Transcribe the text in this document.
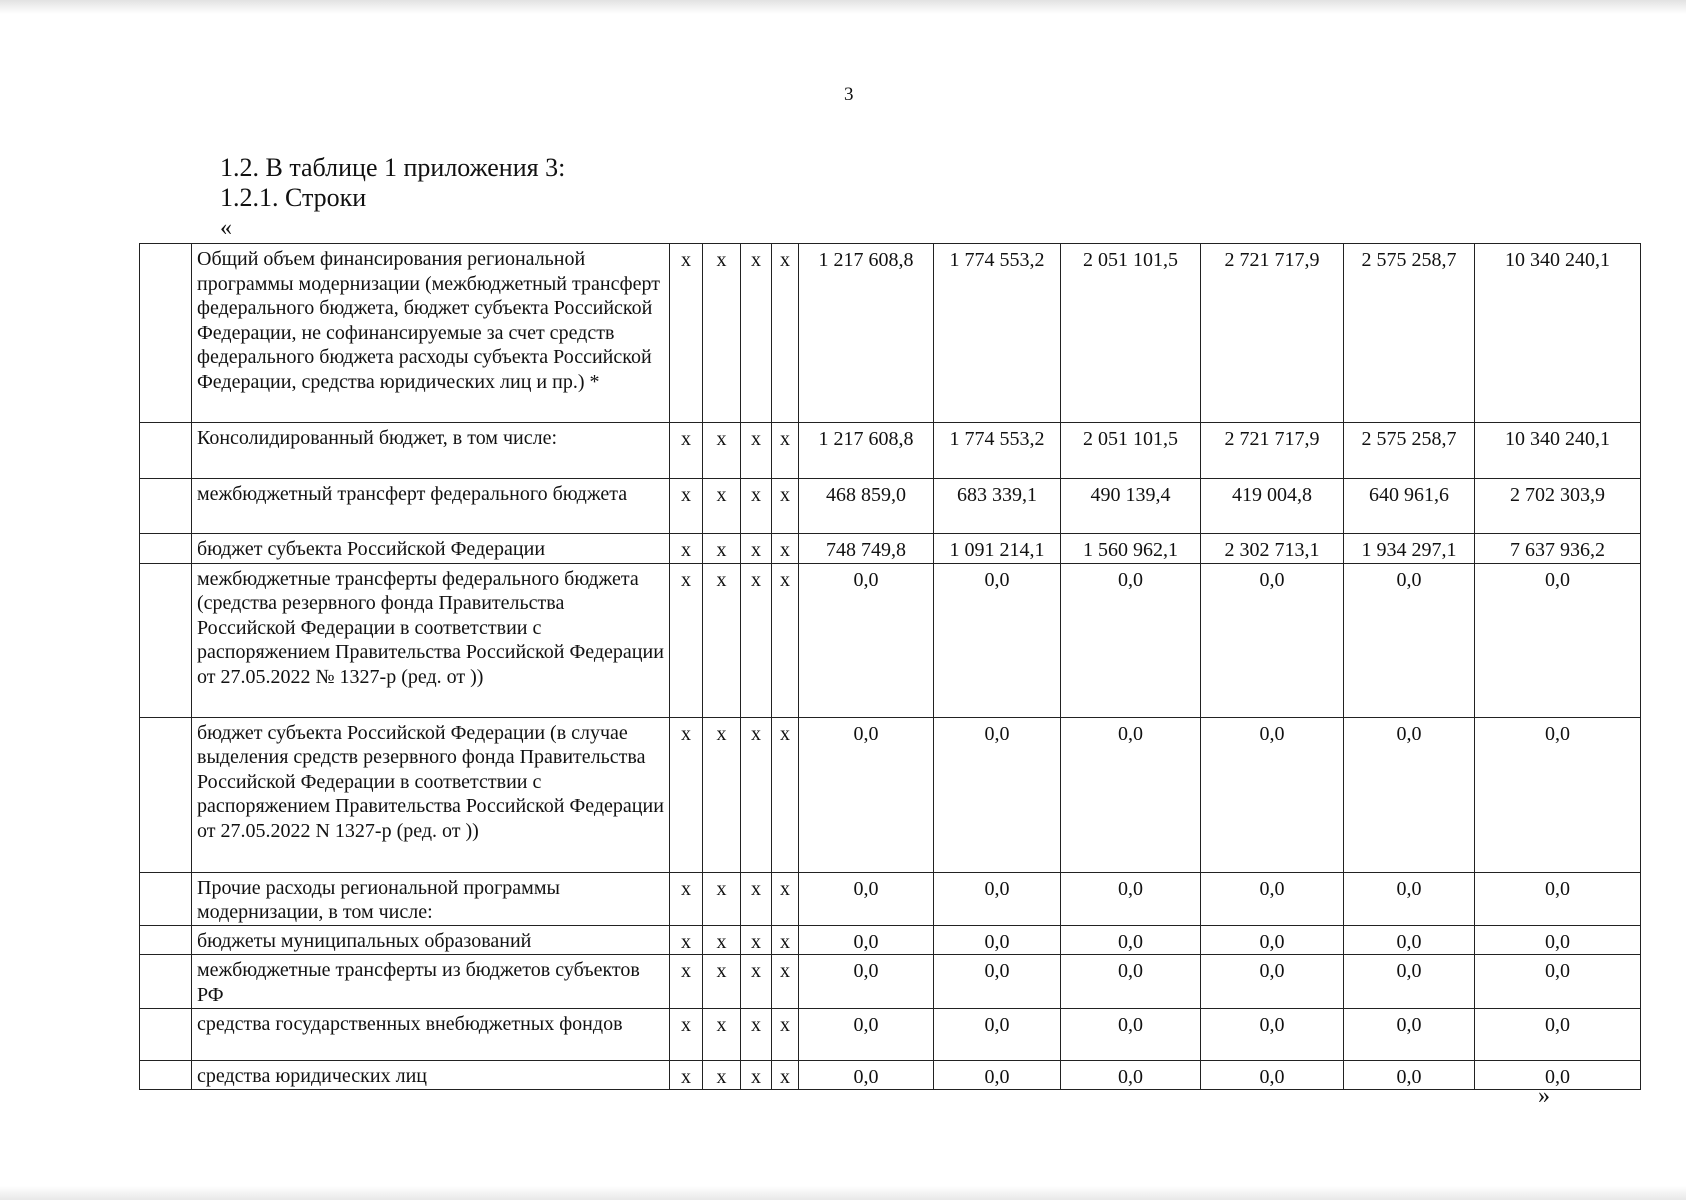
3
1.2. В таблице 1 приложения 3:
1.2.1. Строки
«
	Общий объем финансирования региональной программы модернизации (межбюджетный трансферт федерального бюджета, бюджет субъекта Российской Федерации, не софинансируемые за счет средств федерального бюджета расходы субъекта Российской Федерации, средства юридических лиц и пр.) *	x	x	x	x	1 217 608,8	1 774 553,2	2 051 101,5	2 721 717,9	2 575 258,7	10 340 240,1
	Консолидированный бюджет, в том числе:	x	x	x	x	1 217 608,8	1 774 553,2	2 051 101,5	2 721 717,9	2 575 258,7	10 340 240,1
	межбюджетный трансферт федерального бюджета	x	x	x	x	468 859,0	683 339,1	490 139,4	419 004,8	640 961,6	2 702 303,9
	бюджет субъекта Российской Федерации	x	x	x	x	748 749,8	1 091 214,1	1 560 962,1	2 302 713,1	1 934 297,1	7 637 936,2
	межбюджетные трансферты федерального бюджета (средства резервного фонда Правительства Российской Федерации в соответствии с распоряжением Правительства Российской Федерации от 27.05.2022 № 1327-р (ред. от ))	x	x	x	x	0,0	0,0	0,0	0,0	0,0	0,0
	бюджет субъекта Российской Федерации (в случае выделения средств резервного фонда Правительства Российской Федерации в соответствии с распоряжением Правительства Российской Федерации от 27.05.2022 N 1327-р (ред. от ))	x	x	x	x	0,0	0,0	0,0	0,0	0,0	0,0
	Прочие расходы региональной программы модернизации, в том числе:	x	x	x	x	0,0	0,0	0,0	0,0	0,0	0,0
	бюджеты муниципальных образований	x	x	x	x	0,0	0,0	0,0	0,0	0,0	0,0
	межбюджетные трансферты из бюджетов субъектов РФ	x	x	x	x	0,0	0,0	0,0	0,0	0,0	0,0
	средства государственных внебюджетных фондов	x	x	x	x	0,0	0,0	0,0	0,0	0,0	0,0
	средства юридических лиц	x	x	x	x	0,0	0,0	0,0	0,0	0,0	0,0
»
